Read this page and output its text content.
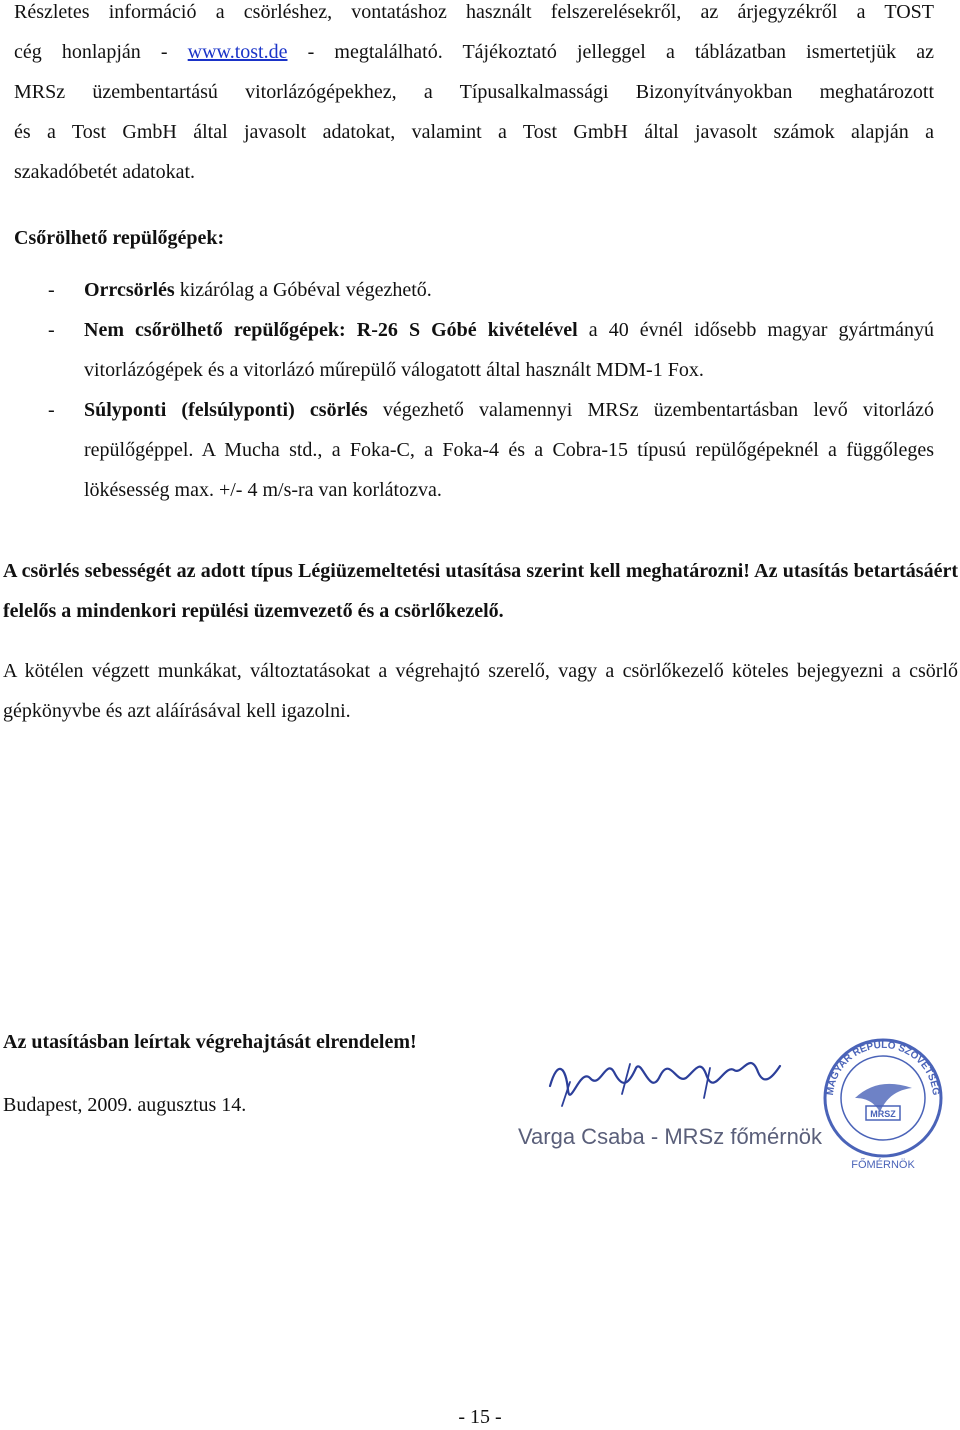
Részletes információ a csörléshez, vontatáshoz használt felszerelésekről, az árjegyzékről a TOST

cég honlapján - www.tost.de - megtalálható. Tájékoztató jelleggel a táblázatban ismertetjük az

MRSz üzembentartású vitorlázógépekhez, a Típusalkalmassági Bizonyítványokban meghatározott

és a Tost GmbH által javasolt adatokat, valamint a Tost GmbH által javasolt számok alapján a

szakadóbetét adatokat.

Csőrölhető repülőgépek:

- Orrcsörlés kizárólag a Góbéval végezhető.

- Nem csőrölhető repülőgépek: R-26 S Góbé kivételével a 40 évnél idősebb magyar gyártmányú vitorlázógépek és a vitorlázó műrepülő válogatott által használt MDM-1 Fox.

- Súlyponti (felsúlyponti) csörlés végezhető valamennyi MRSz üzembentartásban levő vitorlázó repülőgéppel. A Mucha std., a Foka-C, a Foka-4 és a Cobra-15 típusú repülőgépeknél a függőleges lökésesség max. +/- 4 m/s-ra van korlátozva.

A csörlés sebességét az adott típus Légiüzemeltetési utasítása szerint kell meghatározni! Az utasítás betartásáért felelős a mindenkori repülési üzemvezető és a csörlőkezelő.

A kötélen végzett munkákat, változtatásokat a végrehajtó szerelő, vagy a csörlőkezelő köteles bejegyezni a csörlő gépkönyvbe és azt aláírásával kell igazolni.

Az utasításban leírtak végrehajtását elrendelem!

Budapest, 2009. augusztus 14.

Varga Csaba - MRSz főmérnök
MAGYAR REPÜLŐ SZÖVETSÉG
MRSZ
FŐMÉRNÖK
- 15 -
